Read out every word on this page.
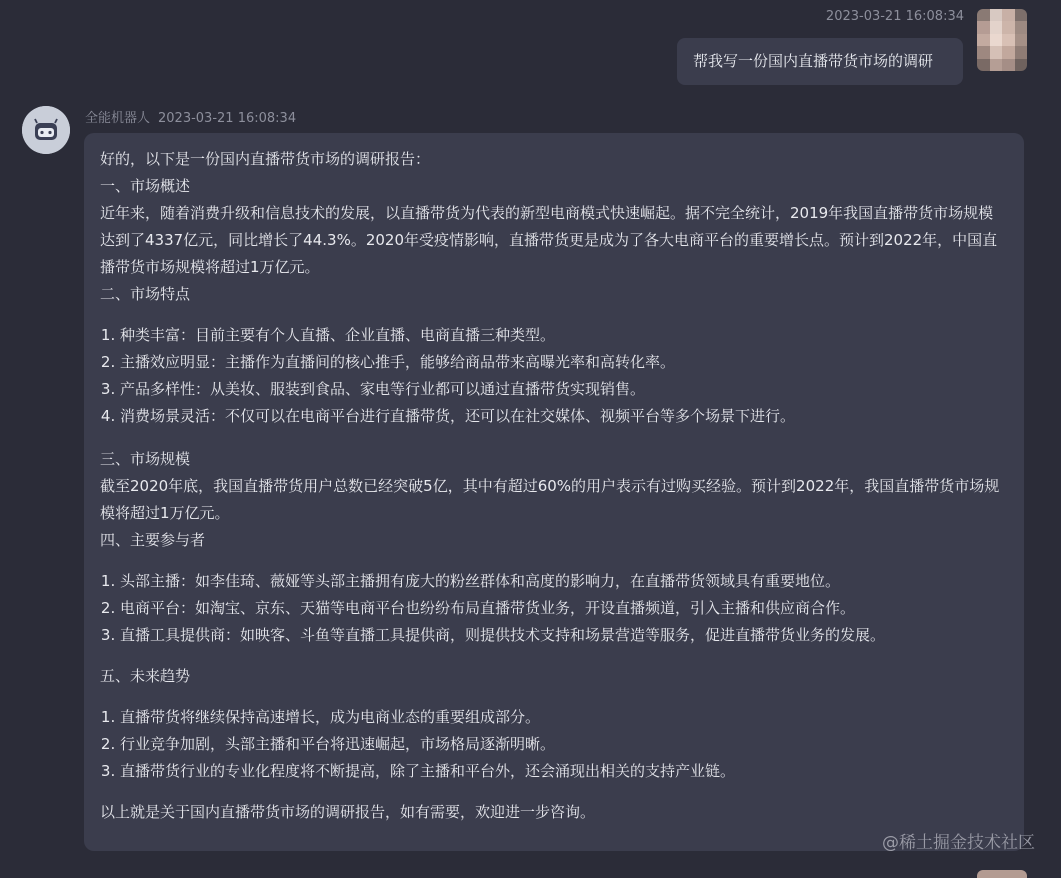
2023-03-21 16:08:34
帮我写一份国内直播带货市场的调研
全能机器人 2023-03-21 16:08:34

好的，以下是一份国内直播带货市场的调研报告：

一、市场概述

近年来，随着消费升级和信息技术的发展，以直播带货为代表的新型电商模式快速崛起。据不完全统计，2019年我国直播带货市场规模达到了4337亿元，同比增长了44.3%。2020年受疫情影响，直播带货更是成为了各大电商平台的重要增长点。预计到2022年，中国直播带货市场规模将超过1万亿元。

二、市场特点

1. 种类丰富：目前主要有个人直播、企业直播、电商直播三种类型。
2. 主播效应明显：主播作为直播间的核心推手，能够给商品带来高曝光率和高转化率。
3. 产品多样性：从美妆、服装到食品、家电等行业都可以通过直播带货实现销售。
4. 消费场景灵活：不仅可以在电商平台进行直播带货，还可以在社交媒体、视频平台等多个场景下进行。

三、市场规模

截至2020年底，我国直播带货用户总数已经突破5亿，其中有超过60%的用户表示有过购买经验。预计到2022年，我国直播带货市场规模将超过1万亿元。

四、主要参与者

1. 头部主播：如李佳琦、薇娅等头部主播拥有庞大的粉丝群体和高度的影响力，在直播带货领域具有重要地位。
2. 电商平台：如淘宝、京东、天猫等电商平台也纷纷布局直播带货业务，开设直播频道，引入主播和供应商合作。
3. 直播工具提供商：如映客、斗鱼等直播工具提供商，则提供技术支持和场景营造等服务，促进直播带货业务的发展。

五、未来趋势

1. 直播带货将继续保持高速增长，成为电商业态的重要组成部分。
2. 行业竞争加剧，头部主播和平台将迅速崛起，市场格局逐渐明晰。
3. 直播带货行业的专业化程度将不断提高，除了主播和平台外，还会涌现出相关的支持产业链。

以上就是关于国内直播带货市场的调研报告，如有需要，欢迎进一步咨询。

@稀土掘金技术社区
